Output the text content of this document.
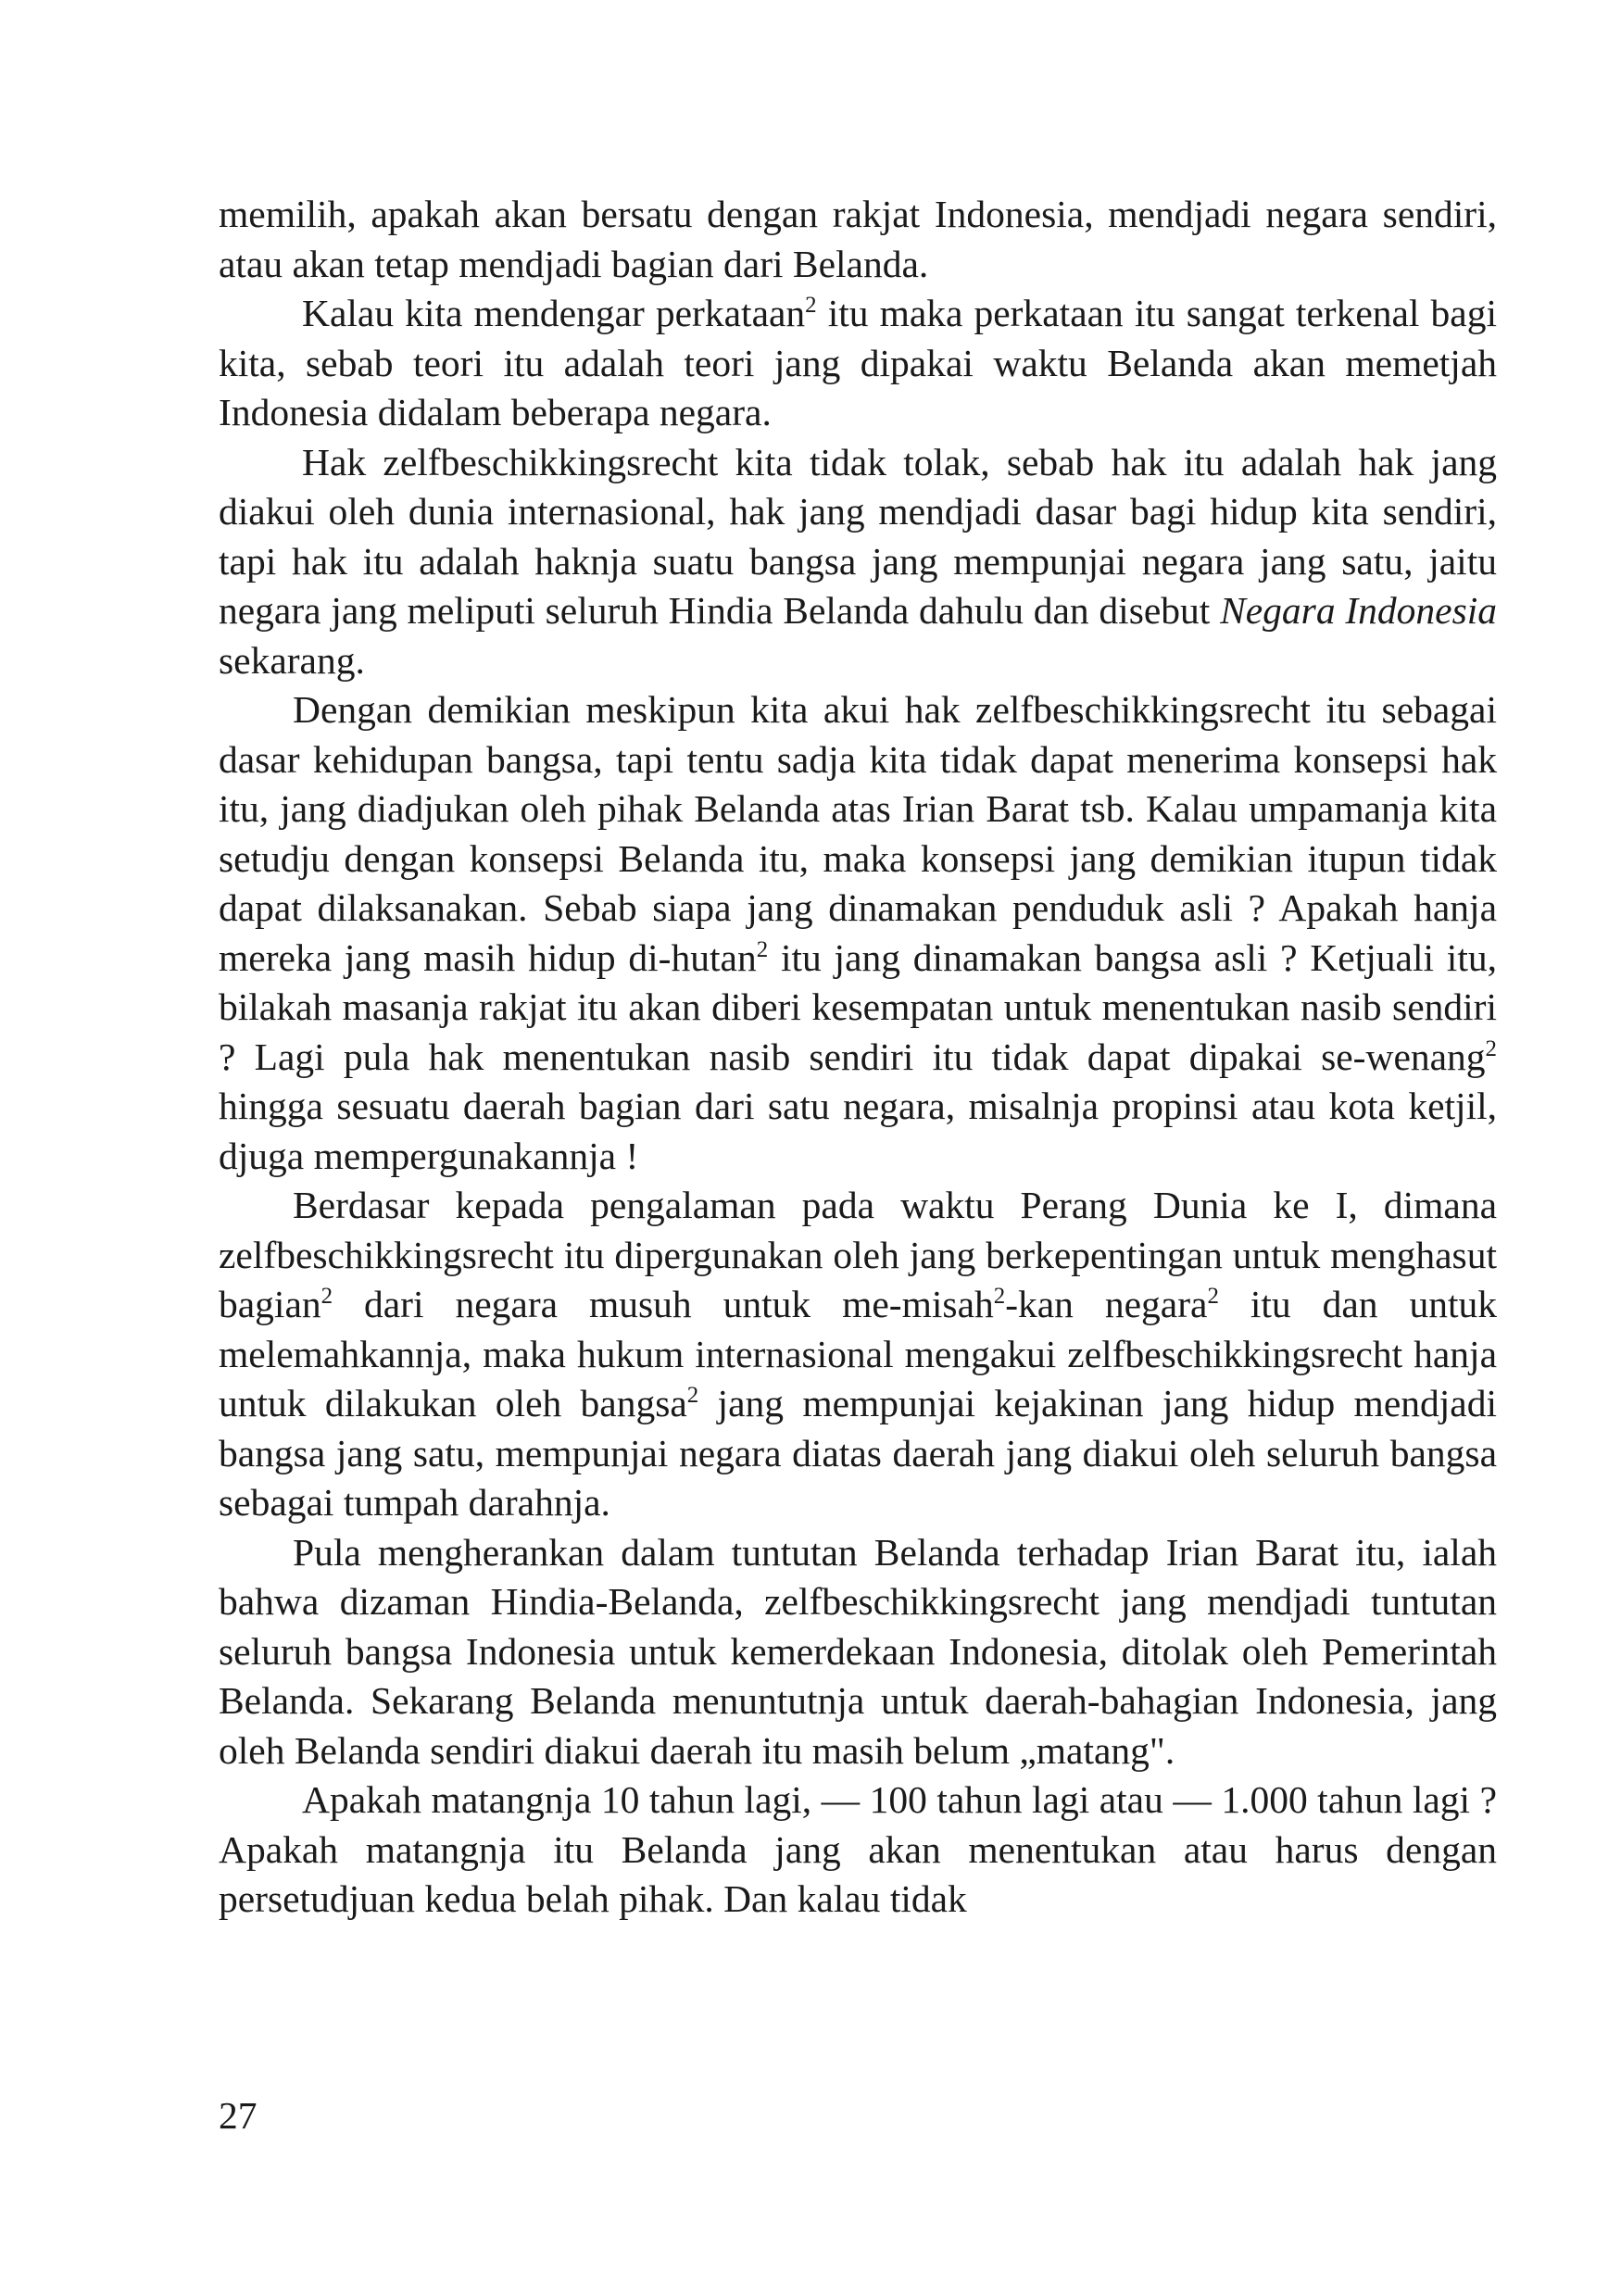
memilih, apakah akan bersatu dengan rakjat Indonesia, mendjadi negara sendiri, atau akan tetap mendjadi bagian dari Belanda.

Kalau kita mendengar perkataan$^2$ itu maka perkataan itu sangat terkenal bagi kita, sebab teori itu adalah teori jang dipakai waktu Belanda akan memetjah Indonesia didalam beberapa negara.

Hak zelfbeschikkingsrecht kita tidak tolak, sebab hak itu adalah hak jang diakui oleh dunia internasional, hak jang mendjadi dasar bagi hidup kita sendiri, tapi hak itu adalah haknja suatu bangsa jang mempunjai negara jang satu, jaitu negara jang meliputi seluruh Hindia Belanda dahulu dan disebut Negara Indonesia sekarang.

Dengan demikian meskipun kita akui hak zelfbeschikkingsrecht itu sebagai dasar kehidupan bangsa, tapi tentu sadja kita tidak dapat menerima konsepsi hak itu, jang diadjukan oleh pihak Belanda atas Irian Barat tsb. Kalau umpamanja kita setudju dengan konsepsi Belanda itu, maka konsepsi jang demikian itupun tidak dapat dilaksanakan. Sebab siapa jang dinamakan penduduk asli ? Apakah hanja mereka jang masih hidup di-hutan$^2$ itu jang dinamakan bangsa asli ? Ketjuali itu, bilakah masanja rakjat itu akan diberi kesempatan untuk menentukan nasib sendiri ? Lagi pula hak menentukan nasib sendiri itu tidak dapat dipakai se-wenang$^2$ hingga sesuatu daerah bagian dari satu negara, misalnja propinsi atau kota ketjil, djuga mempergunakannja !

Berdasar kepada pengalaman pada waktu Perang Dunia ke I, dimana zelfbeschikkingsrecht itu dipergunakan oleh jang berkepentingan untuk menghasut bagian$^2$ dari negara musuh untuk me-misah$^2$-kan negara$^2$ itu dan untuk melemahkannja, maka hukum internasional mengakui zelfbeschikkingsrecht hanja untuk dilakukan oleh bangsa$^2$ jang mempunjai kejakinan jang hidup mendjadi bangsa jang satu, mempunjai negara diatas daerah jang diakui oleh seluruh bangsa sebagai tumpah darahnja.

Pula mengherankan dalam tuntutan Belanda terhadap Irian Barat itu, ialah bahwa dizaman Hindia-Belanda, zelfbeschikkingsrecht jang mendjadi tuntutan seluruh bangsa Indonesia untuk kemerdekaan Indonesia, ditolak oleh Pemerintah Belanda. Sekarang Belanda menuntutnja untuk daerah-bahagian Indonesia, jang oleh Belanda sendiri diakui daerah itu masih belum „matang".

Apakah matangnja 10 tahun lagi, — 100 tahun lagi atau — 1.000 tahun lagi ? Apakah matangnja itu Belanda jang akan menentukan atau harus dengan persetudjuan kedua belah pihak. Dan kalau tidak

27
